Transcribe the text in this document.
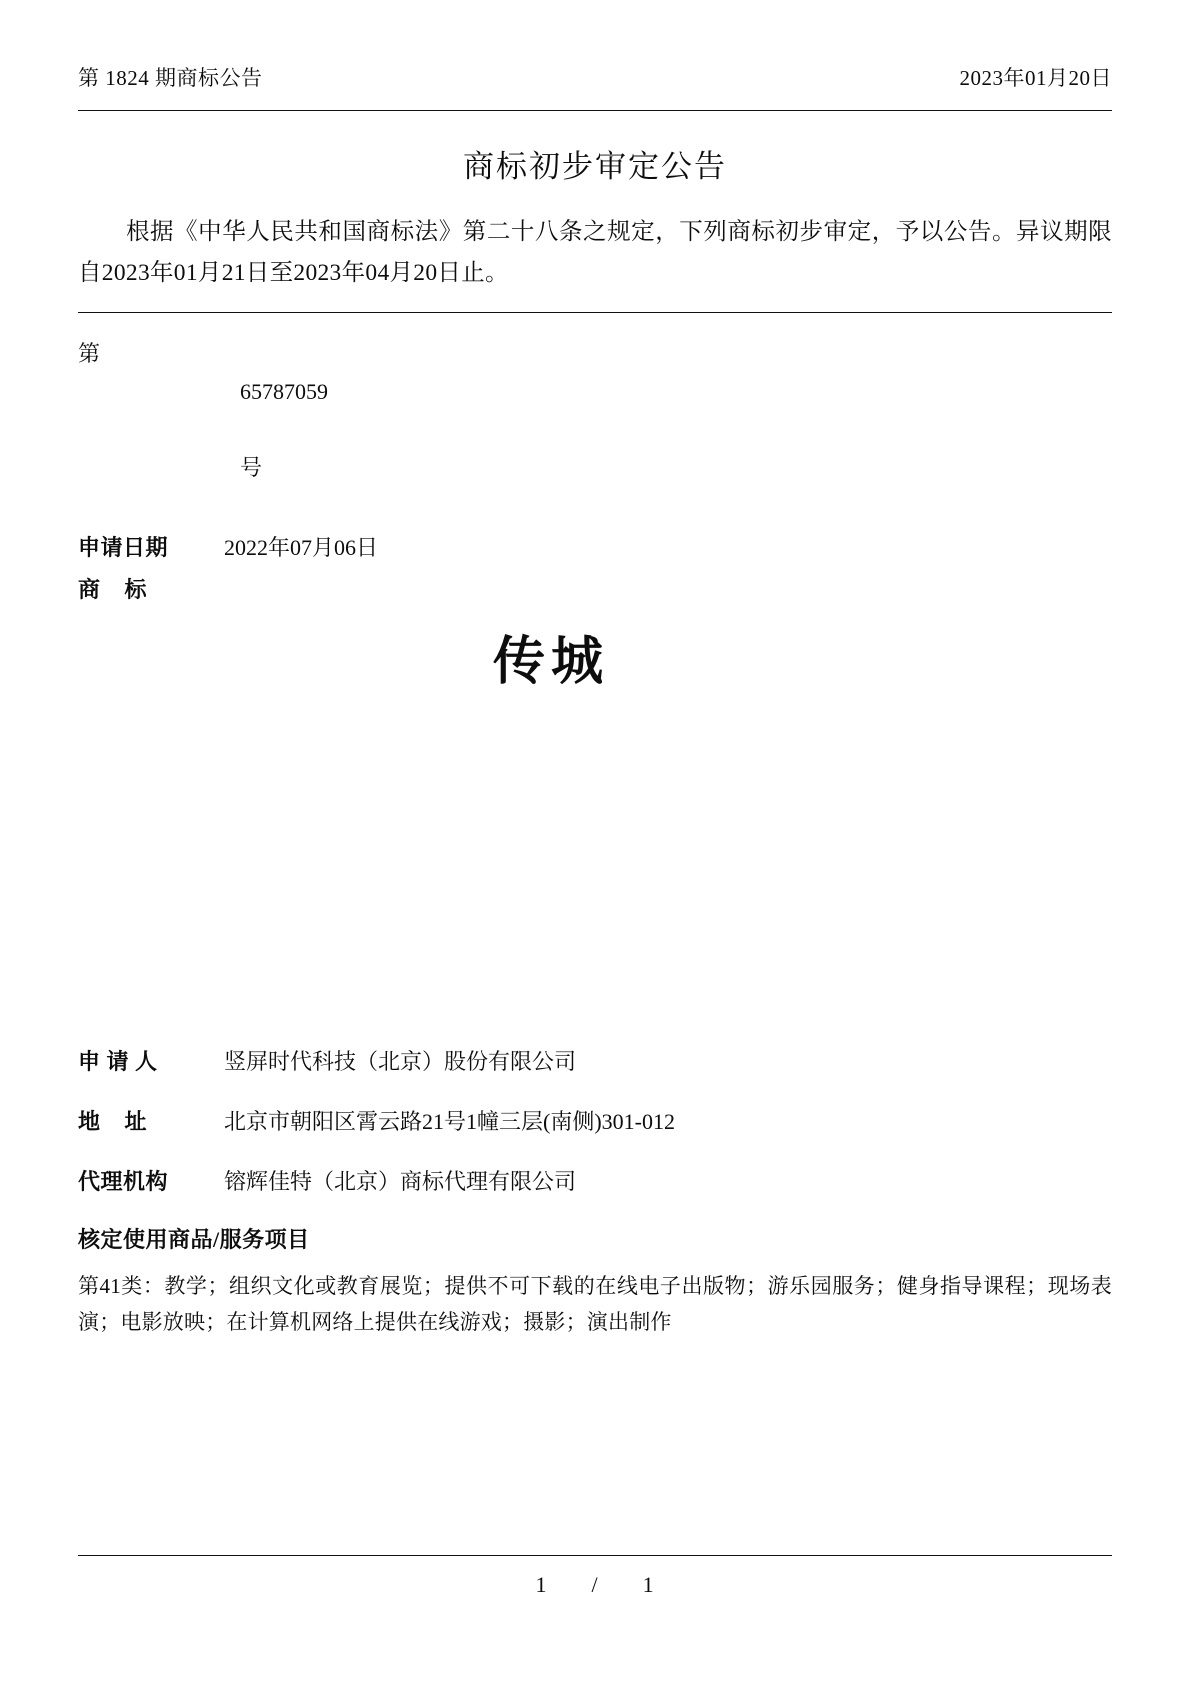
第 1824 期商标公告	2023年01月20日
商标初步审定公告

根据《中华人民共和国商标法》第二十八条之规定，下列商标初步审定，予以公告。异议期限自2023年01月21日至2023年04月20日止。

第

65787059

号

申请日期	2022年07月06日
商    标
传城
申 请 人	竖屏时代科技（北京）股份有限公司
地    址	北京市朝阳区霄云路21号1幢三层(南侧)301-012
代理机构	镕辉佳特（北京）商标代理有限公司
核定使用商品/服务项目
第41类：教学；组织文化或教育展览；提供不可下载的在线电子出版物；游乐园服务；健身指导课程；现场表演；电影放映；在计算机网络上提供在线游戏；摄影；演出制作
1	/	1
